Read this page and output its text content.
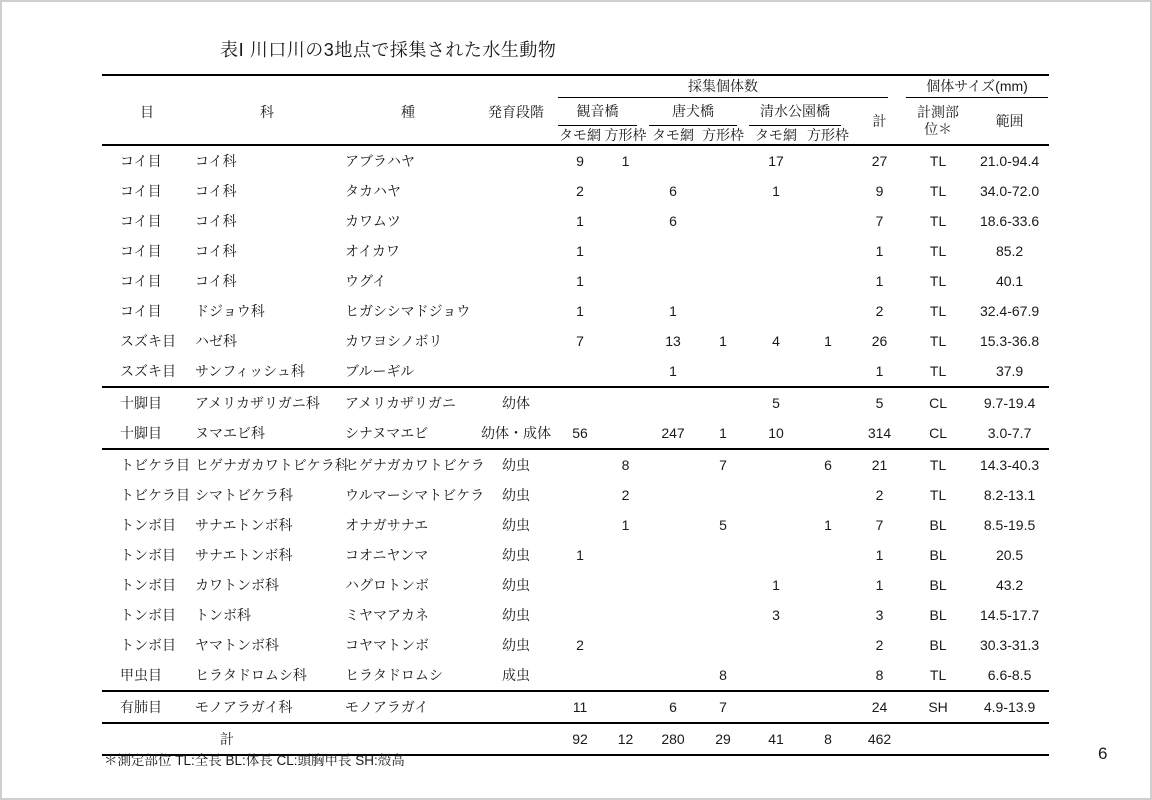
表Ⅰ 川口川の3地点で採集された水生動物

				採集個体数							個体サイズ(mm)	

目	科	種	発育段階	観音橋		唐犬橋		清水公園橋		計	計測部
位＊	範囲
				タモ網	方形枠	タモ網	方形枠	タモ網	方形枠			
コイ目	コイ科	アブラハヤ		9	1			17		27	TL	21.0-94.4
コイ目	コイ科	タカハヤ		2		6		1		9	TL	34.0-72.0
コイ目	コイ科	カワムツ		1		6				7	TL	18.6-33.6
コイ目	コイ科	オイカワ		1						1	TL	85.2
コイ目	コイ科	ウグイ		1						1	TL	40.1
コイ目	ドジョウ科	ヒガシシマドジョウ		1		1				2	TL	32.4-67.9
スズキ目	ハゼ科	カワヨシノボリ		7		13	1	4	1	26	TL	15.3-36.8
スズキ目	サンフィッシュ科	ブルーギル				1				1	TL	37.9
十脚目	アメリカザリガニ科	アメリカザリガニ	幼体					5		5	CL	9.7-19.4
十脚目	ヌマエビ科	シナヌマエビ	幼体・成体	56		247	1	10		314	CL	3.0-7.7
トビケラ目	ヒゲナガカワトビケラ科	ヒゲナガカワトビケラ	幼虫		8		7		6	21	TL	14.3-40.3
トビケラ目	シマトビケラ科	ウルマーシマトビケラ	幼虫		2					2	TL	8.2-13.1
トンボ目	サナエトンボ科	オナガサナエ	幼虫		1		5		1	7	BL	8.5-19.5
トンボ目	サナエトンボ科	コオニヤンマ	幼虫	1						1	BL	20.5
トンボ目	カワトンボ科	ハグロトンボ	幼虫					1		1	BL	43.2
トンボ目	トンボ科	ミヤマアカネ	幼虫					3		3	BL	14.5-17.7
トンボ目	ヤマトンボ科	コヤマトンボ	幼虫	2						2	BL	30.3-31.3
甲虫目	ヒラタドロムシ科	ヒラタドロムシ	成虫				8			8	TL	6.6-8.5
有肺目	モノアラガイ科	モノアラガイ		11		6	7			24	SH	4.9-13.9
	計			92	12	280	29	41	8	462		
＊測定部位 TL:全長 BL:体長 CL:頭胸甲長 SH:殻高	6
